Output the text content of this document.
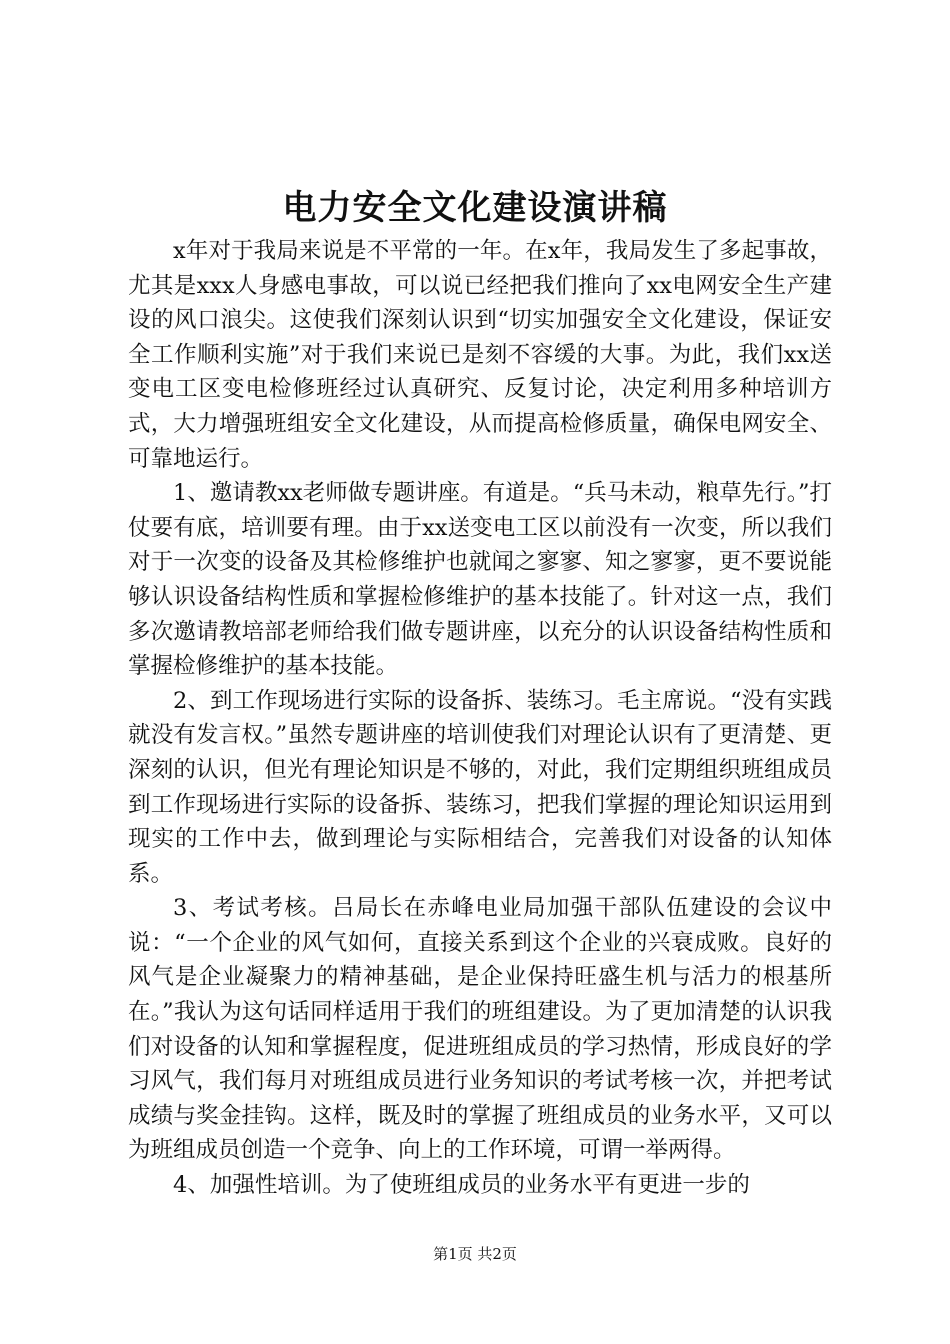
电力安全文化建设演讲稿

x年对于我局来说是不平常的一年。在x年，我局发生了多起事故，尤其是xxx人身感电事故，可以说已经把我们推向了xx电网安全生产建设的风口浪尖。这使我们深刻认识到“切实加强安全文化建设，保证安全工作顺利实施”对于我们来说已是刻不容缓的大事。为此，我们xx送变电工区变电检修班经过认真研究、反复讨论，决定利用多种培训方式，大力增强班组安全文化建设，从而提高检修质量，确保电网安全、可靠地运行。

1、邀请教xx老师做专题讲座。有道是。“兵马未动，粮草先行。”打仗要有底，培训要有理。由于xx送变电工区以前没有一次变，所以我们对于一次变的设备及其检修维护也就闻之寥寥、知之寥寥，更不要说能够认识设备结构性质和掌握检修维护的基本技能了。针对这一点，我们多次邀请教培部老师给我们做专题讲座，以充分的认识设备结构性质和掌握检修维护的基本技能。

2、到工作现场进行实际的设备拆、装练习。毛主席说。“没有实践就没有发言权。”虽然专题讲座的培训使我们对理论认识有了更清楚、更深刻的认识，但光有理论知识是不够的，对此，我们定期组织班组成员到工作现场进行实际的设备拆、装练习，把我们掌握的理论知识运用到现实的工作中去，做到理论与实际相结合，完善我们对设备的认知体系。

3、考试考核。吕局长在赤峰电业局加强干部队伍建设的会议中说：“一个企业的风气如何，直接关系到这个企业的兴衰成败。良好的风气是企业凝聚力的精神基础，是企业保持旺盛生机与活力的根基所在。”我认为这句话同样适用于我们的班组建设。为了更加清楚的认识我们对设备的认知和掌握程度，促进班组成员的学习热情，形成良好的学习风气，我们每月对班组成员进行业务知识的考试考核一次，并把考试成绩与奖金挂钩。这样，既及时的掌握了班组成员的业务水平，又可以为班组成员创造一个竞争、向上的工作环境，可谓一举两得。

4、加强性培训。为了使班组成员的业务水平有更进一步的

第1页 共2页
